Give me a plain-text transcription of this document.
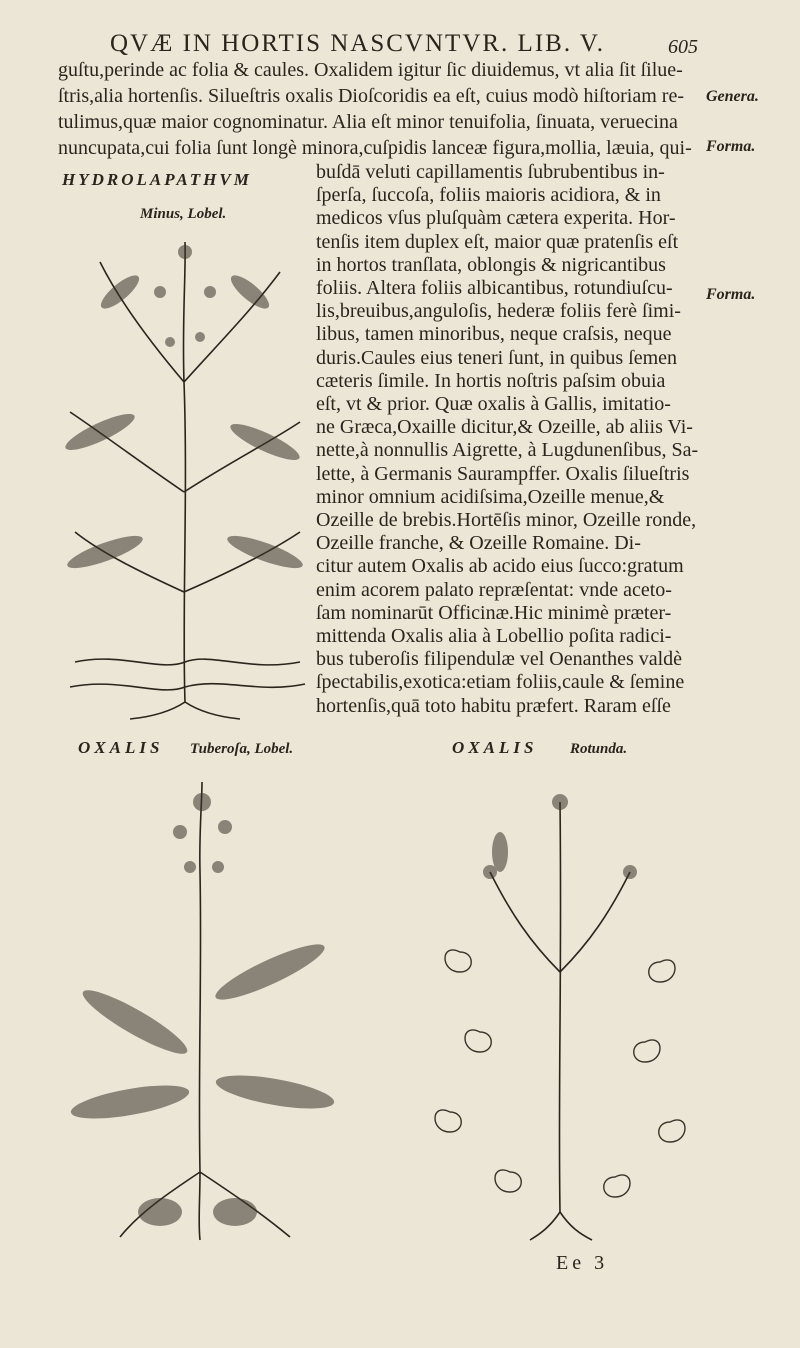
QVÆ IN HORTIS NASCVNTVR. LIB. V.	605
guſtu,perinde ac folia & caules. Oxalidem igitur ſic diuidemus, vt alia ſit ſilue-
ſtris,alia hortenſis. Silueſtris oxalis Dioſcoridis ea eſt, cuius modò hiſtoriam re-
tulimus,quæ maior cognominatur. Alia eſt minor tenuifolia, ſinuata, veruecina
nuncupata,cui folia ſunt longè minora,cuſpidis lanceæ figura,mollia, læuia, qui-
Genera.
Forma.
Forma.
buſdā veluti capillamentis ſubrubentibus in-
ſperſa, ſuccoſa, foliis maioris acidiora, & in
medicos vſus pluſquàm cætera experita. Hor-
tenſis item duplex eſt, maior quæ pratenſis eſt
in hortos tranſlata, oblongis & nigricantibus
foliis. Altera foliis albicantibus, rotundiuſcu-
lis,breuibus,anguloſis, hederæ foliis ferè ſimi-
libus, tamen minoribus, neque craſsis, neque
duris.Caules eius teneri ſunt, in quibus ſemen
cæteris ſimile. In hortis noſtris paſsim obuia
eſt, vt & prior. Quæ oxalis à Gallis, imitatio-
ne Græca,Oxaille dicitur,& Ozeille, ab aliis Vi-
nette,à nonnullis Aigrette, à Lugdunenſibus, Sa-
lette, à Germanis Saurampffer. Oxalis ſilueſtris
minor omnium acidiſsima,Ozeille menue,&
Ozeille de brebis.Hortēſis minor, Ozeille ronde,
Ozeille franche, & Ozeille Romaine. Di-
citur autem Oxalis ab acido eius ſucco:gratum
enim acorem palato repræſentat: vnde aceto-
ſam nominarūt Officinæ.Hic minimè præter-
mittenda Oxalis alia à Lobellio poſita radici-
bus tuberoſis filipendulæ vel Oenanthes valdè
ſpectabilis,exotica:etiam foliis,caule & ſemine
hortenſis,quā toto habitu præfert. Raram eſſe
HYDROLAPATHVM
Minus, Lobel.
OXALIS Tuberoſa, Lobel.	OXALIS Rotunda.
Ee 3
